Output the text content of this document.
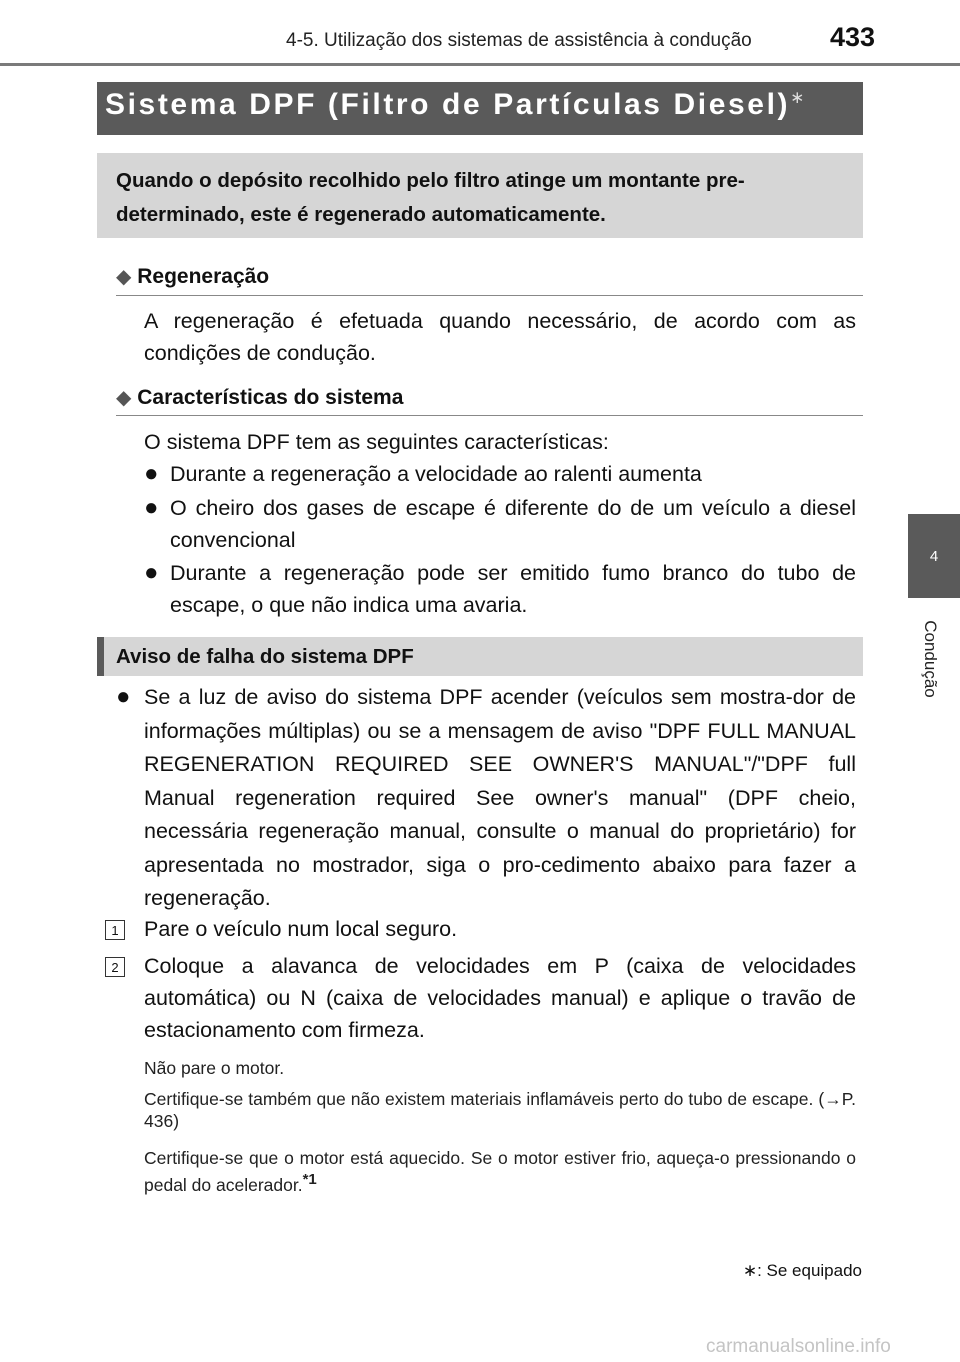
4-5. Utilização dos sistemas de assistência à condução	433
4
Condução
Sistema DPF (Filtro de Partículas Diesel)∗
Quando o depósito recolhido pelo filtro atinge um montante pre-determinado, este é regenerado automaticamente.
◆ Regeneração
A regeneração é efetuada quando necessário, de acordo com as condições de condução.
◆ Características do sistema
O sistema DPF tem as seguintes características:
● Durante a regeneração a velocidade ao ralenti aumenta
● O cheiro dos gases de escape é diferente do de um veículo a diesel convencional
● Durante a regeneração pode ser emitido fumo branco do tubo de escape, o que não indica uma avaria.
Aviso de falha do sistema DPF
● Se a luz de aviso do sistema DPF acender (veículos sem mostra-dor de informações múltiplas) ou se a mensagem de aviso "DPF FULL MANUAL REGENERATION REQUIRED SEE OWNER'S MANUAL"/"DPF full Manual regeneration required See owner's manual" (DPF cheio, necessária regeneração manual, consulte o manual do proprietário) for apresentada no mostrador, siga o pro-cedimento abaixo para fazer a regeneração.
1 Pare o veículo num local seguro.
2 Coloque a alavanca de velocidades em P (caixa de velocidades automática) ou N (caixa de velocidades manual) e aplique o travão de estacionamento com firmeza.
Não pare o motor.
Certifique-se também que não existem materiais inflamáveis perto do tubo de escape. (→P. 436)
Certifique-se que o motor está aquecido. Se o motor estiver frio, aqueça-o pressionando o pedal do acelerador.$^{*1}$
∗: Se equipado
carmanualsonline.info
